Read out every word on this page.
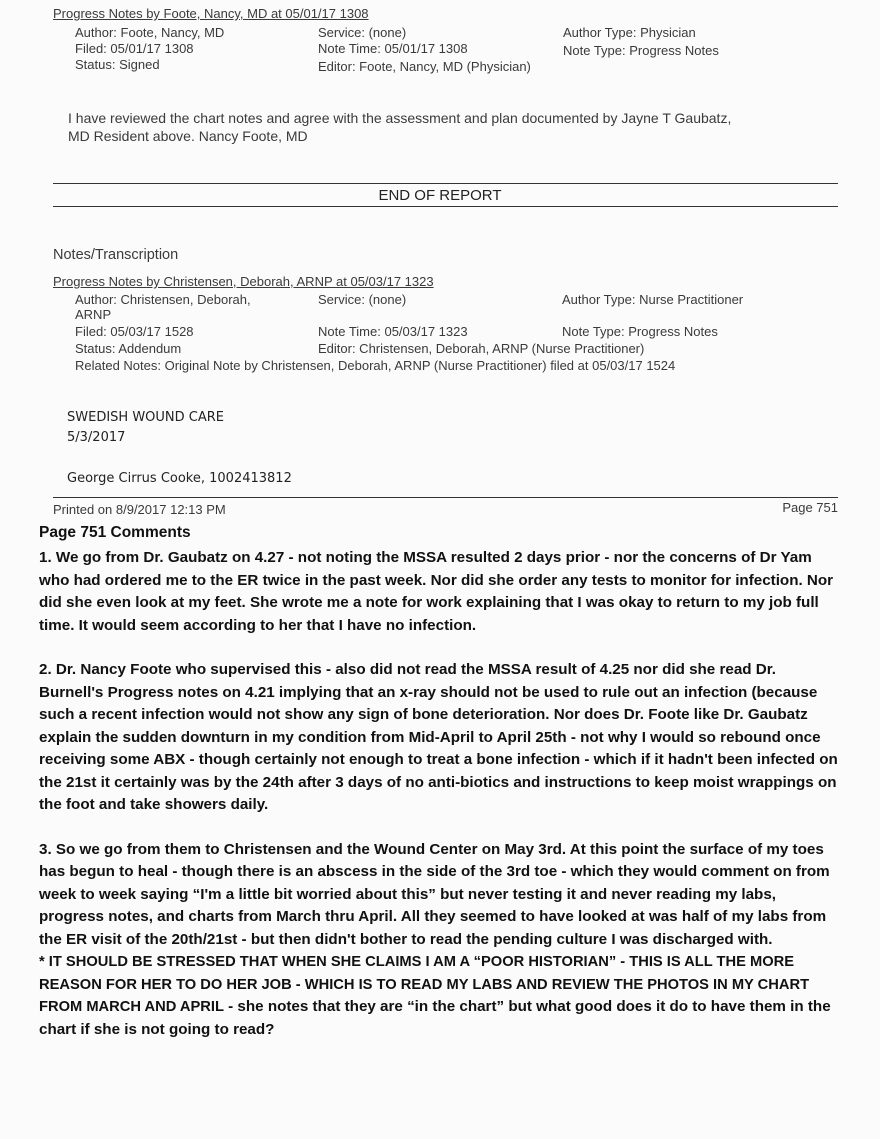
Progress Notes by Foote, Nancy, MD at 05/01/17 1308
Author: Foote, Nancy, MD
Filed: 05/01/17 1308
Status: Signed
Service: (none)
Note Time: 05/01/17 1308
Editor: Foote, Nancy, MD (Physician)
Author Type: Physician
Note Type: Progress Notes
I have reviewed the chart notes and agree with the assessment and plan documented by Jayne T Gaubatz,
MD Resident above. Nancy Foote, MD
END OF REPORT
Notes/Transcription
Progress Notes by Christensen, Deborah, ARNP at 05/03/17 1323
Author: Christensen, Deborah,
ARNP
Filed: 05/03/17 1528
Status: Addendum
Related Notes: Original Note by Christensen, Deborah, ARNP (Nurse Practitioner) filed at 05/03/17 1524
Service: (none)
Note Time: 05/03/17 1323
Editor: Christensen, Deborah, ARNP (Nurse Practitioner)
Author Type: Nurse Practitioner
Note Type: Progress Notes
SWEDISH WOUND CARE
5/3/2017
George Cirrus Cooke, 1002413812
Printed on 8/9/2017 12:13 PM	Page 751
Page 751 Comments

1. We go from Dr. Gaubatz on 4.27 - not noting the MSSA resulted 2 days prior - nor the concerns of Dr Yam who had ordered me to the ER twice in the past week. Nor did she order any tests to monitor for infection. Nor did she even look at my feet. She wrote me a note for work explaining that I was okay to return to my job full time. It would seem according to her that I have no infection.

2. Dr. Nancy Foote who supervised this - also did not read the MSSA result of 4.25 nor did she read Dr. Burnell's Progress notes on 4.21 implying that an x-ray should not be used to rule out an infection (because such a recent infection would not show any sign of bone deterioration. Nor does Dr. Foote like Dr. Gaubatz explain the sudden downturn in my condition from Mid-April to April 25th - not why I would so rebound once receiving some ABX - though certainly not enough to treat a bone infection - which if it hadn't been infected on the 21st it certainly was by the 24th after 3 days of no anti-biotics and instructions to keep moist wrappings on the foot and take showers daily.

3. So we go from them to Christensen and the Wound Center on May 3rd. At this point the surface of my toes has begun to heal - though there is an abscess in the side of the 3rd toe - which they would comment on from week to week saying “I'm a little bit worried about this” but never testing it and never reading my labs, progress notes, and charts from March thru April. All they seemed to have looked at was half of my labs from the ER visit of the 20th/21st - but then didn't bother to read the pending culture I was discharged with.

* IT SHOULD BE STRESSED THAT WHEN SHE CLAIMS I AM A “POOR HISTORIAN” - THIS IS ALL THE MORE REASON FOR HER TO DO HER JOB - WHICH IS TO READ MY LABS AND REVIEW THE PHOTOS IN MY CHART FROM MARCH AND APRIL - she notes that they are “in the chart” but what good does it do to have them in the chart if she is not going to read?
